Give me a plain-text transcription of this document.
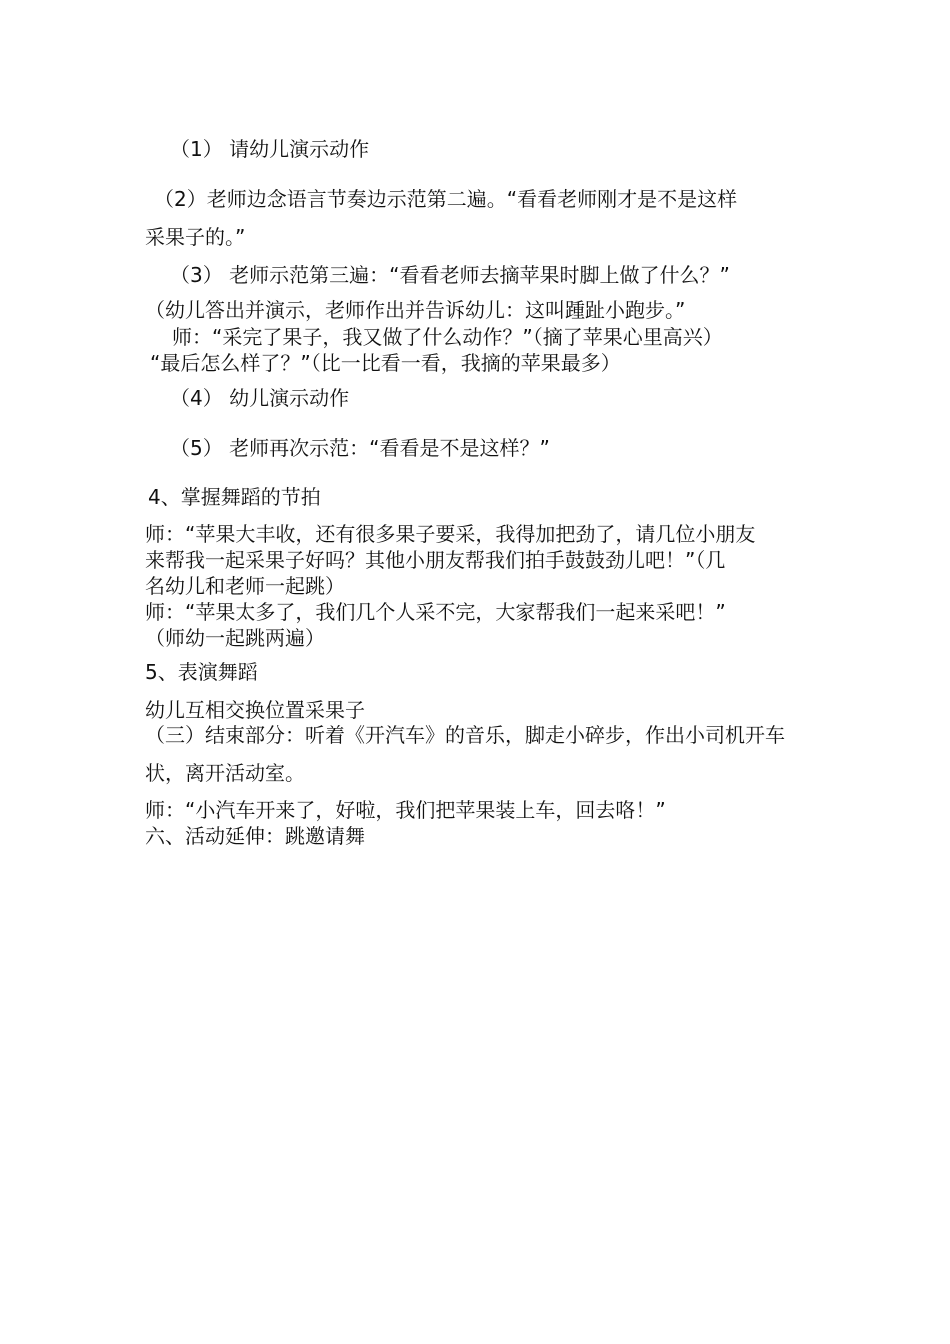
（1） 请幼儿演示动作
（2）老师边念语言节奏边示范第二遍。“看看老师刚才是不是这样
采果子的。”
（3） 老师示范第三遍：“看看老师去摘苹果时脚上做了什么？”
（幼儿答出并演示，老师作出并告诉幼儿：这叫踵趾小跑步。”
师：“采完了果子，我又做了什么动作？”（摘了苹果心里高兴）
“最后怎么样了？”（比一比看一看，我摘的苹果最多）
（4） 幼儿演示动作
（5） 老师再次示范：“看看是不是这样？”
4、掌握舞蹈的节拍
师：“苹果大丰收，还有很多果子要采，我得加把劲了，请几位小朋友
来帮我一起采果子好吗？其他小朋友帮我们拍手鼓鼓劲儿吧！”（几
名幼儿和老师一起跳）
师：“苹果太多了，我们几个人采不完，大家帮我们一起来采吧！”
（师幼一起跳两遍）
5、表演舞蹈
幼儿互相交换位置采果子
（三）结束部分：听着《开汽车》的音乐，脚走小碎步，作出小司机开车
状，离开活动室。
师：“小汽车开来了，好啦，我们把苹果装上车，回去咯！”
六、活动延伸：跳邀请舞
